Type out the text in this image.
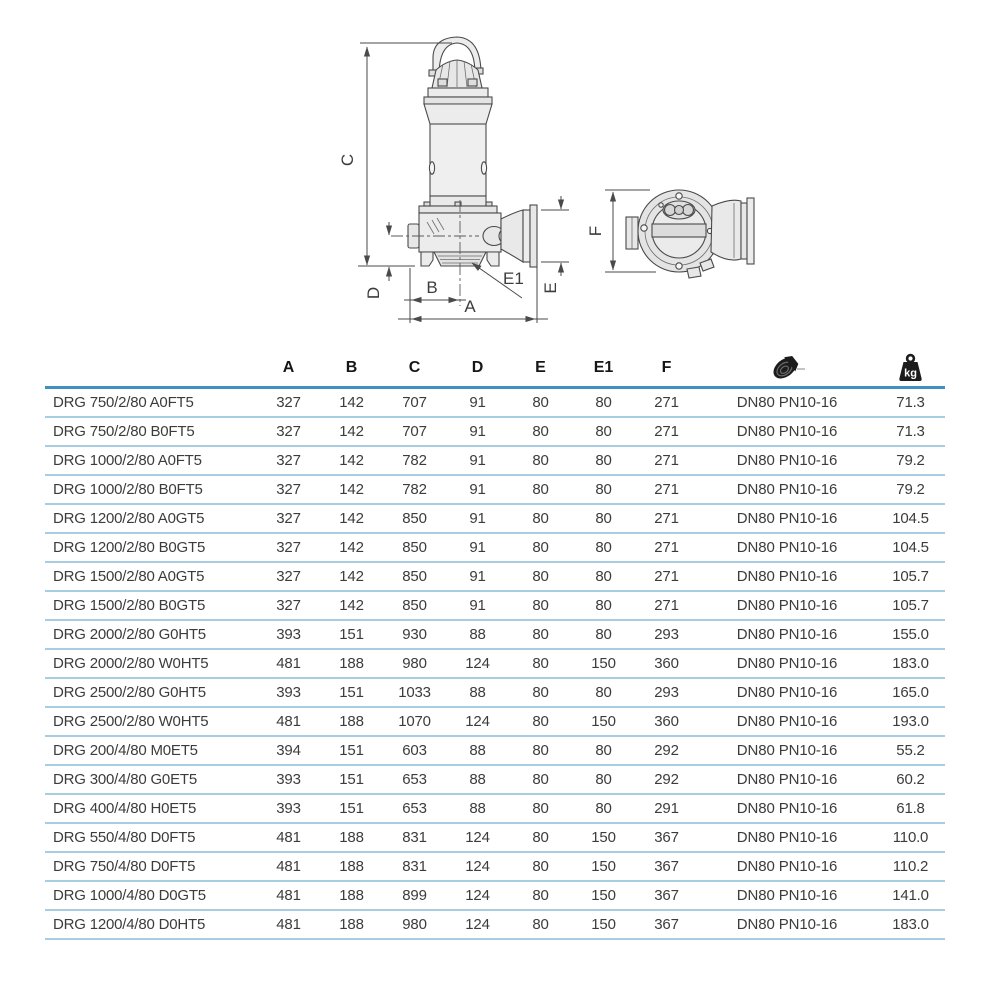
C
D	B
A
E1 E
F
	A	B	C	D	E	E1	F		kg

DRG 750/2/80 A0FT5	327	142	707	91	80	80	271	DN80 PN10-16	71.3
DRG 750/2/80 B0FT5	327	142	707	91	80	80	271	DN80 PN10-16	71.3
DRG 1000/2/80 A0FT5	327	142	782	91	80	80	271	DN80 PN10-16	79.2
DRG 1000/2/80 B0FT5	327	142	782	91	80	80	271	DN80 PN10-16	79.2
DRG 1200/2/80 A0GT5	327	142	850	91	80	80	271	DN80 PN10-16	104.5
DRG 1200/2/80 B0GT5	327	142	850	91	80	80	271	DN80 PN10-16	104.5
DRG 1500/2/80 A0GT5	327	142	850	91	80	80	271	DN80 PN10-16	105.7
DRG 1500/2/80 B0GT5	327	142	850	91	80	80	271	DN80 PN10-16	105.7
DRG 2000/2/80 G0HT5	393	151	930	88	80	80	293	DN80 PN10-16	155.0
DRG 2000/2/80 W0HT5	481	188	980	124	80	150	360	DN80 PN10-16	183.0
DRG 2500/2/80 G0HT5	393	151	1033	88	80	80	293	DN80 PN10-16	165.0
DRG 2500/2/80 W0HT5	481	188	1070	124	80	150	360	DN80 PN10-16	193.0
DRG 200/4/80 M0ET5	394	151	603	88	80	80	292	DN80 PN10-16	55.2
DRG 300/4/80 G0ET5	393	151	653	88	80	80	292	DN80 PN10-16	60.2
DRG 400/4/80 H0ET5	393	151	653	88	80	80	291	DN80 PN10-16	61.8
DRG 550/4/80 D0FT5	481	188	831	124	80	150	367	DN80 PN10-16	110.0
DRG 750/4/80 D0FT5	481	188	831	124	80	150	367	DN80 PN10-16	110.2
DRG 1000/4/80 D0GT5	481	188	899	124	80	150	367	DN80 PN10-16	141.0
DRG 1200/4/80 D0HT5	481	188	980	124	80	150	367	DN80 PN10-16	183.0
